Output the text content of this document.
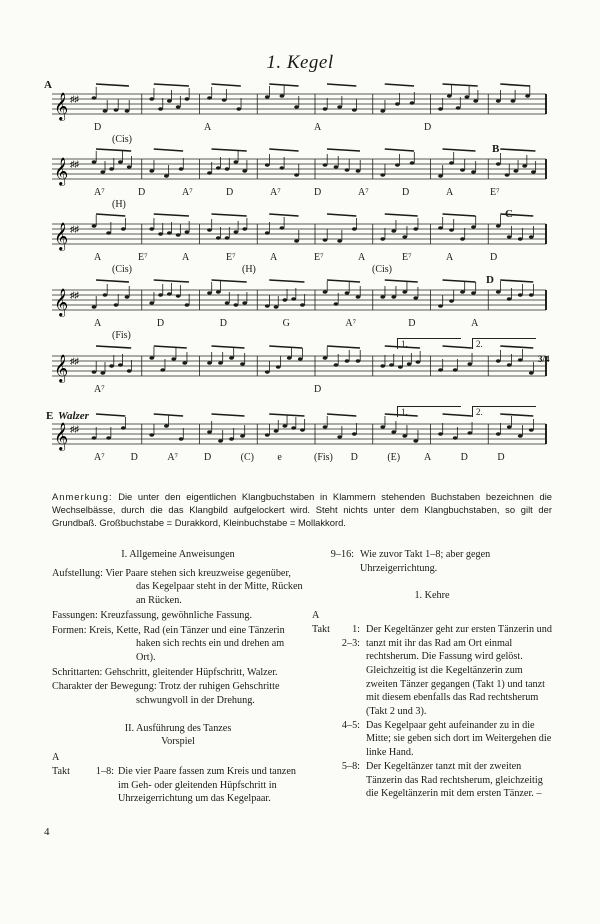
1. Kegel
𝄞 ♯♯
D	A	A	D
(Cis)
A
𝄞 ♯♯
A⁷	D	A⁷	D	A⁷	D	A⁷	D	A	E⁷
(H)
B
𝄞 ♯♯
A	E⁷	A	E⁷	A	E⁷	A	E⁷	A	D
(Cis)	(H)	(Cis)
C
𝄞 ♯♯
A	D	D	G	A⁷	D	A
(Fis)
D
𝄞 ♯♯
A⁷	D
1.	2.
3/4
𝄞 ♯♯
A⁷	D	A⁷	D	(C) e	(Fis) D	(E) A	D	D
1.	2.
E Walzer
Anmerkung: Die unter den eigentlichen Klangbuchstaben in Klammern stehenden Buchstaben bezeichnen die Wechselbässe, durch die das Klangbild aufgelockert wird. Steht nichts unter dem Klangbuchstaben, so gilt der Grundbaß. Großbuchstabe = Durakkord, Kleinbuchstabe = Mollakkord.
I. Allgemeine Anweisungen
Aufstellung: Vier Paare stehen sich kreuzweise gegenüber, das Kegelpaar steht in der Mitte, Rücken an Rücken.
Fassungen: Kreuzfassung, gewöhnliche Fassung.
Formen: Kreis, Kette, Rad (ein Tänzer und eine Tänzerin haken sich rechts ein und drehen am Ort).
Schrittarten: Gehschritt, gleitender Hüpfschritt, Walzer.
Charakter der Bewegung: Trotz der ruhigen Gehschritte schwungvoll in der Drehung.
II. Ausführung des Tanzes
Vorspiel
A
Takt	1–8: Die vier Paare fassen zum Kreis und tanzen im Geh- oder gleitenden Hüpfschritt in Uhrzeigerrichtung um das Kegelpaar.
9–16: Wie zuvor Takt 1–8; aber gegen Uhrzeigerrichtung.
1. Kehre
A
Takt 1: Der Kegeltänzer geht zur ersten Tänzerin und
2–3: tanzt mit ihr das Rad am Ort einmal rechtsherum. Die Fassung wird gelöst. Gleichzeitig ist die Kegeltänzerin zum zweiten Tänzer gegangen (Takt 1) und tanzt mit diesem ebenfalls das Rad rechtsherum (Takt 2 und 3).
4–5: Das Kegelpaar geht aufeinander zu in die Mitte; sie geben sich dort im Weitergehen die linke Hand.
5–8: Der Kegeltänzer tanzt mit der zweiten Tänzerin das Rad rechtsherum, gleichzeitig die Kegeltänzerin mit dem ersten Tänzer. –
4
